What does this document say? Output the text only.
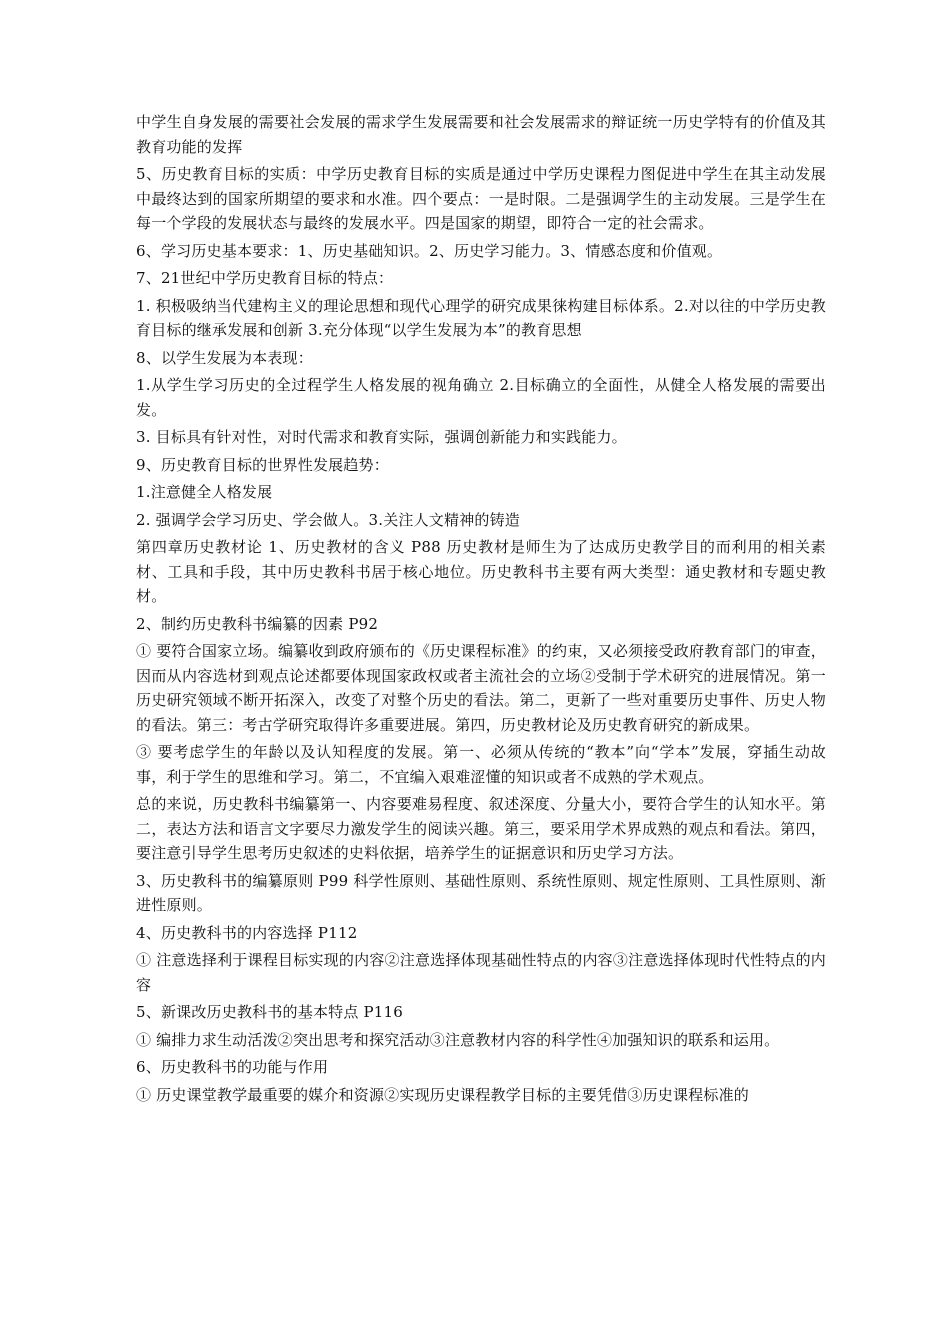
中学生自身发展的需要社会发展的需求学生发展需要和社会发展需求的辩证统一历史学特有的价值及其教育功能的发挥

5、历史教育目标的实质：中学历史教育目标的实质是通过中学历史课程力图促进中学生在其主动发展中最终达到的国家所期望的要求和水准。四个要点：一是时限。二是强调学生的主动发展。三是学生在每一个学段的发展状态与最终的发展水平。四是国家的期望，即符合一定的社会需求。

6、学习历史基本要求：1、历史基础知识。2、历史学习能力。3、情感态度和价值观。

7、21世纪中学历史教育目标的特点：

1. 积极吸纳当代建构主义的理论思想和现代心理学的研究成果徕构建目标体系。2.对以往的中学历史教育目标的继承发展和创新 3.充分体现“以学生发展为本”的教育思想

8、以学生发展为本表现：

1.从学生学习历史的全过程学生人格发展的视角确立 2.目标确立的全面性，从健全人格发展的需要出发。

3. 目标具有针对性，对时代需求和教育实际，强调创新能力和实践能力。

9、历史教育目标的世界性发展趋势：

1.注意健全人格发展

2. 强调学会学习历史、学会做人。3.关注人文精神的铸造

第四章历史教材论 1、历史教材的含义 P88 历史教材是师生为了达成历史教学目的而利用的相关素材、工具和手段，其中历史教科书居于核心地位。历史教科书主要有两大类型：通史教材和专题史教材。

2、制约历史教科书编纂的因素 P92

① 要符合国家立场。编纂收到政府颁布的《历史课程标准》的约束，又必须接受政府教育部门的审查，因而从内容选材到观点论述都要体现国家政权或者主流社会的立场②受制于学术研究的进展情况。第一历史研究领域不断开拓深入，改变了对整个历史的看法。第二，更新了一些对重要历史事件、历史人物的看法。第三：考古学研究取得许多重要进展。第四，历史教材论及历史教育研究的新成果。

③ 要考虑学生的年龄以及认知程度的发展。第一、必须从传统的“教本”向“学本”发展，穿插生动故事，利于学生的思维和学习。第二，不宜编入艰难涩懂的知识或者不成熟的学术观点。

总的来说，历史教科书编纂第一、内容要难易程度、叙述深度、分量大小，要符合学生的认知水平。第二，表达方法和语言文字要尽力激发学生的阅读兴趣。第三，要采用学术界成熟的观点和看法。第四，要注意引导学生思考历史叙述的史料依据，培养学生的证据意识和历史学习方法。

3、历史教科书的编纂原则 P99 科学性原则、基础性原则、系统性原则、规定性原则、工具性原则、渐进性原则。

4、历史教科书的内容选择 P112

① 注意选择利于课程目标实现的内容②注意选择体现基础性特点的内容③注意选择体现时代性特点的内容

5、新课改历史教科书的基本特点 P116

① 编排力求生动活泼②突出思考和探究活动③注意教材内容的科学性④加强知识的联系和运用。

6、历史教科书的功能与作用

① 历史课堂教学最重要的媒介和资源②实现历史课程教学目标的主要凭借③历史课程标准的
